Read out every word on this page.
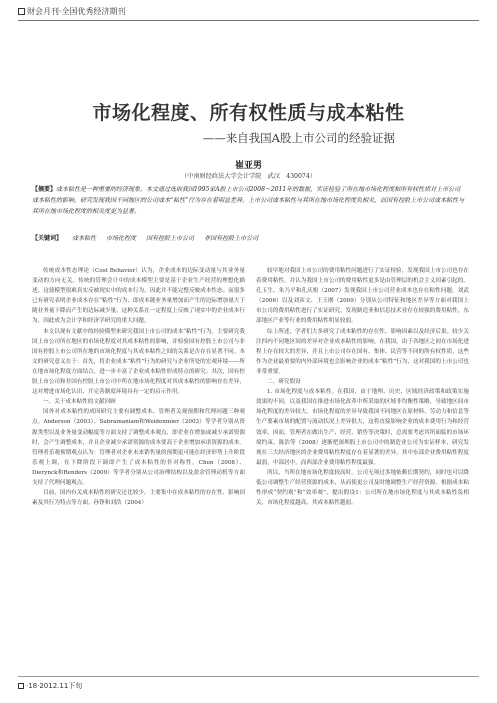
财会月刊·全国优秀经济期刊
市场化程度、所有权性质与成本粘性
——来自我国A股上市公司的经验证据
崔亚男
（中南财经政法大学会计学院　武汉　430074）
【摘要】成本粘性是一种重要的经济现象。本文通过选取我国1995家A股上市公司2008～2011年的数据，实证检验了所在地市场化程度和所有权性质对上市公司成本粘性的影响。研究发现我国不同地区的公司成本“粘性”行为存在着明显差异。上市公司成本粘性与其所在地市场化程度负相关，而国有控股上市公司成本粘性与其所在地市场化程度的相关度更为显著。
【关键词】 成本粘性 市场化程度 国有控股上市公司 非国有控股上市公司

传统成本性态理论（Cost Behavior）认为，企业成本的边际变动量与其业务量变动的方向无关。传统的管理会计中的成本模型主要是基于企业生产经营的理想化描述，这使模型很难真实反映现实中的成本行为，因此并不能完整反映成本性态。而很多已有研究表明企业成本存在“粘性”行为，即成本随业务量增加而产生的边际增加量大于随业务量下降而产生的边际减少量。这种关系在一定程度上反映了现实中的企业成本行为，因此成为会计学和经济学研究的重大问题。

本文以现有文献中的经验模型来研究我国上市公司的成本“粘性”行为。主要研究我国上市公司所在地区的市场化程度对其成本粘性的影响，并检验国有控股上市公司与非国有控股上市公司所在地的市场化程度与其成本粘性之间的关系是否存在显著不同。本文的研究意义在于：首先，将企业成本“粘性”行为的研究与企业所处的宏观环境——所在地市场化程度方面结合，进一步丰富了企业成本粘性形成特点的研究；其次，国有控股上市公司和非国有控股上市公司中所在地市场化程度对其成本粘性的影响存在差异，这对增进市场化认识、开完善制度环境具有一定的启示作用。

一、关于成本粘性的文献回顾

国外对成本粘性的成因研究主要有调整成本、管理者关观预期和代理问题三种观点。Anderson（2003）、Subramaniam和Weidenmier（2003）等学者分别从资源类型以及业务量变动幅度等方面支持了调整成本观点，即企业在增加或减少承诺资源时，会产生调整成本，并且企业减少承诺资源的成本要高于企业增加承诺资源的成本。管理者乐观预期观点认为：管理者对企业未来销售量的预期更可能在经济形势上升阶段乐观上调，在下降阶段下调即产生了成本粘性的非对称性。Chen（2008）、Dierynck和Renders（2009）等学者分别从公司治理结构以及盈余管理动机等方面支持了代理问题观点。

目前，国内有关成本粘性的研究还比较少。主要集中在成本粘性的存在性、影响因素及其行为特点等方面。孙铮和刘浩（2004）

较早地对我国上市公司的费用粘性问题进行了实证检验，发现我国上市公司也存在着费用粘性，并认为我国上市公司的费用粘性更多是由管理层的机会主义因素引起的。孔玉生、朱乃平和孔庆根（2007）发现我国上市公司营业成本也存在粘性问题。刘武（2006）以及刘彦文、王玉刚（2009）分别从公司特征和地区差异等方面对我国上市公司的费用粘性进行了实证研究，发现制造业和信息技术业存在较强的费用粘性，东部地区产业等行业的费用粘性明显较弱。

综上所述，学者们大多研究了成本粘性的存在性、影响因素以及经济后果。较少关注四内不同地区间的差异对企业成本粘性的影响。在我国，由于各地区之间在市场化进程上存在较大的差异，并且上市公司存在国有、集体、民营等不同的所有权性质，这些作为企业最重要的内外部环境也会影响企业的成本“粘性”行为，这对我国的上市公司也非常重要。

二、研究假设

1. 市场化程度与成本粘性。在我国，由于地理、历史、区域经济政策和政策实施效果的不同，以及我国在推进市场化改革中所采取的区域非均衡性策略，导致地区间市场化程度的差异较大。市场化程度的差异导致我国不同地区在原材料、劳动力和信息等生产要素市场的配置与流动状况上差异很大，这将直接影响企业的成本费用行为和经营效率。因而，管理者在做出生产、经营、销售等决策时，总需要考虑其所面临的市场环境约束。陈浩等（2008）逐渐把深圳股上市公司中的制造业公司为实证样本，研究发现在三大经济地区的企业费用粘性程度存在着显著的差异，其中东部企业费用粘性程度最弱，中部居中，而西部企业费用粘性程度最强。

所以，当所在地市场化程度较高时，公司无须过多地依赖长期契约，同时也可以降低公司调整生产经营资源的成本，从而使更公司及时地调整生产经营资源。根据成本粘性形成“契约观”和“效率观”，提出假设1：公司所在地市场化程度与其成本粘性负相关，市场化程度越高，其成本粘性越弱。

·18·2012.11下旬
